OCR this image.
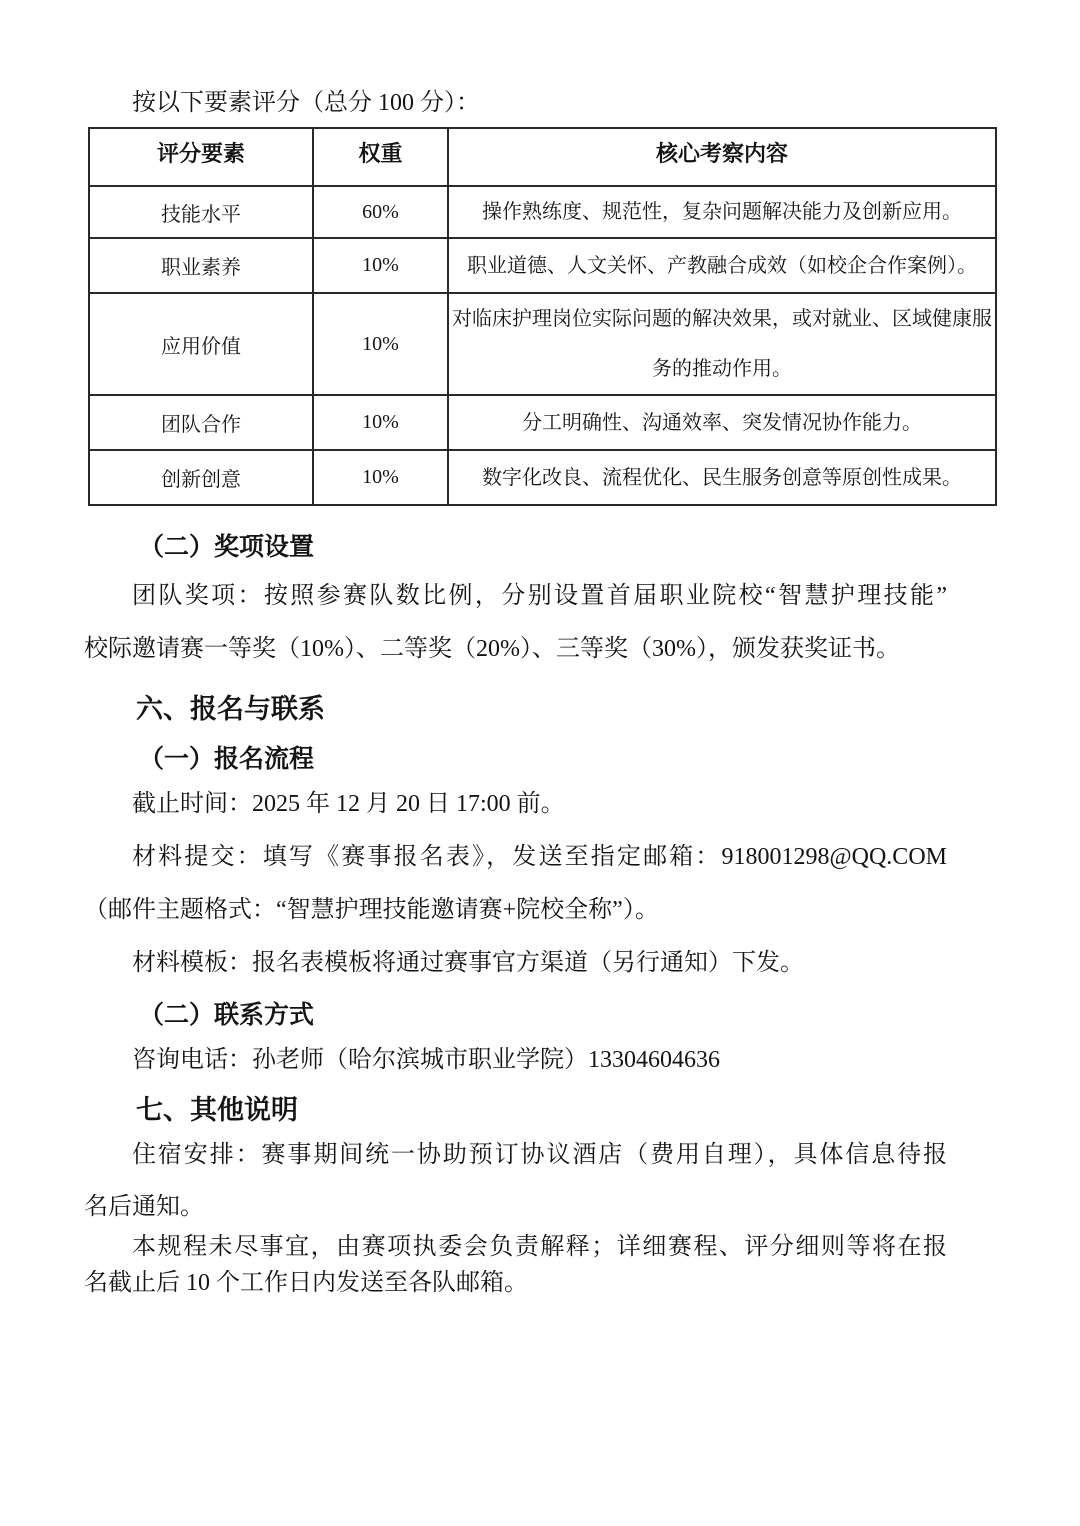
按以下要素评分（总分 100 分）：

评分要素	权重	核心考察内容
技能水平	60%	操作熟练度、规范性，复杂问题解决能力及创新应用。

职业素养	10%	职业道德、人文关怀、产教融合成效（如校企合作案例）。

应用价值	10%	对临床护理岗位实际问题的解决效果，或对就业、区域健康服
务的推动作用。

团队合作	10%	分工明确性、沟通效率、突发情况协作能力。

创新创意	10%	数字化改良、流程优化、民生服务创意等原创性成果。
（二）奖项设置
团队奖项：按照参赛队数比例，分别设置首届职业院校“智慧护理技能”
校际邀请赛一等奖（10%）、二等奖（20%）、三等奖（30%），颁发获奖证书。
六、报名与联系
（一）报名流程
截止时间：2025 年 12 月 20 日 17:00 前。
材料提交：填写《赛事报名表》，发送至指定邮箱：918001298@QQ.COM
（邮件主题格式：“智慧护理技能邀请赛+院校全称”）。
材料模板：报名表模板将通过赛事官方渠道（另行通知）下发。
（二）联系方式
咨询电话：孙老师（哈尔滨城市职业学院）13304604636
七、其他说明
住宿安排：赛事期间统一协助预订协议酒店（费用自理），具体信息待报
名后通知。
本规程未尽事宜，由赛项执委会负责解释；详细赛程、评分细则等将在报
名截止后 10 个工作日内发送至各队邮箱。
